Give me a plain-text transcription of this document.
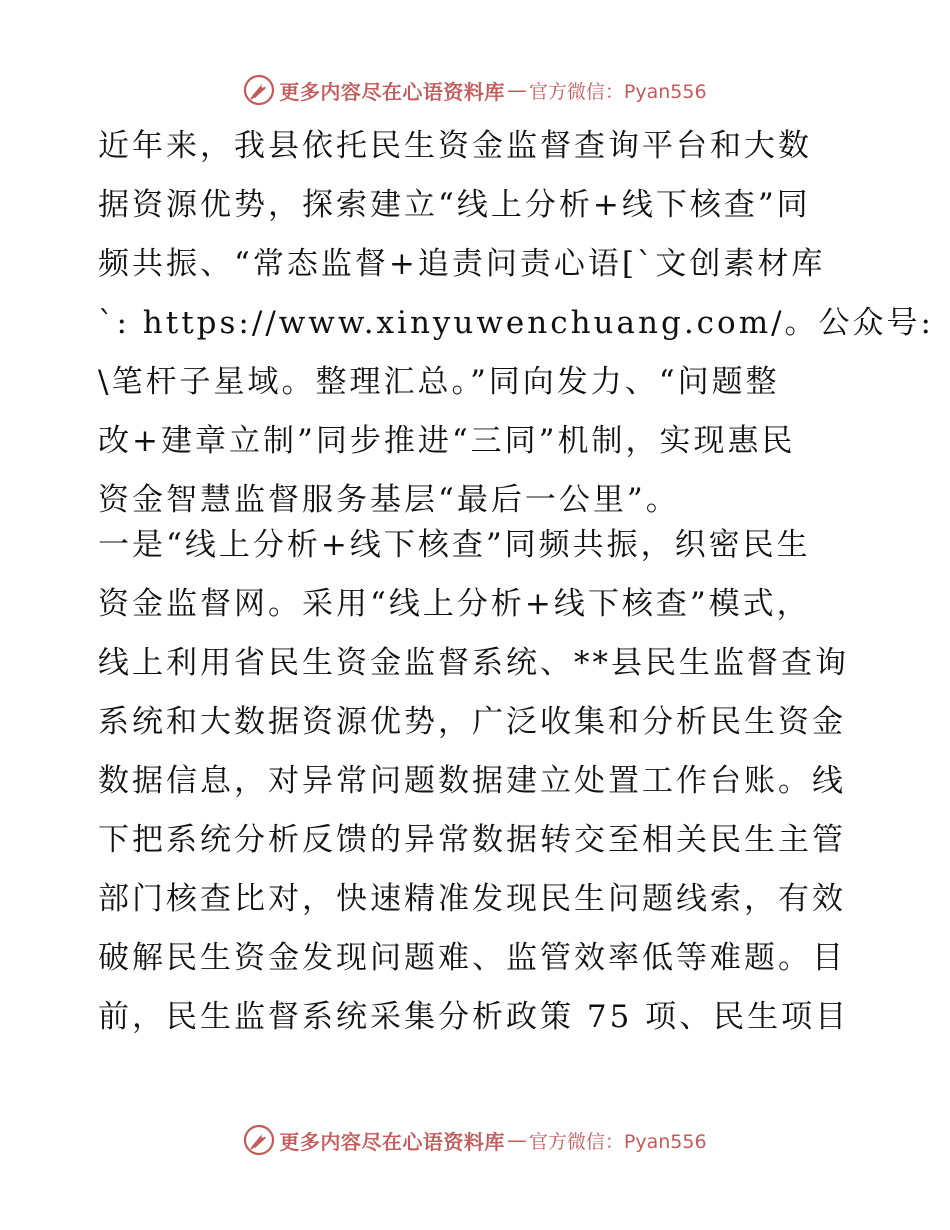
更多内容尽在心语资料库 — 官方微信：Pyan556
近年来，我县依托民生资金监督查询平台和大数
据资源优势，探索建立“线上分析+线下核查”同
频共振、“常态监督+追责问责心语[`文创素材库
`: https://www.xinyuwenchuang.com/。公众号:
\笔杆子星域。整理汇总。”同向发力、“问题整
改+建章立制”同步推进“三同”机制，实现惠民
资金智慧监督服务基层“最后一公里”。
一是“线上分析+线下核查”同频共振，织密民生
资金监督网。采用“线上分析+线下核查”模式，
线上利用省民生资金监督系统、**县民生监督查询
系统和大数据资源优势，广泛收集和分析民生资金
数据信息，对异常问题数据建立处置工作台账。线
下把系统分析反馈的异常数据转交至相关民生主管
部门核查比对，快速精准发现民生问题线索，有效
破解民生资金发现问题难、监管效率低等难题。目
前，民生监督系统采集分析政策 75 项、民生项目
更多内容尽在心语资料库 — 官方微信：Pyan556
